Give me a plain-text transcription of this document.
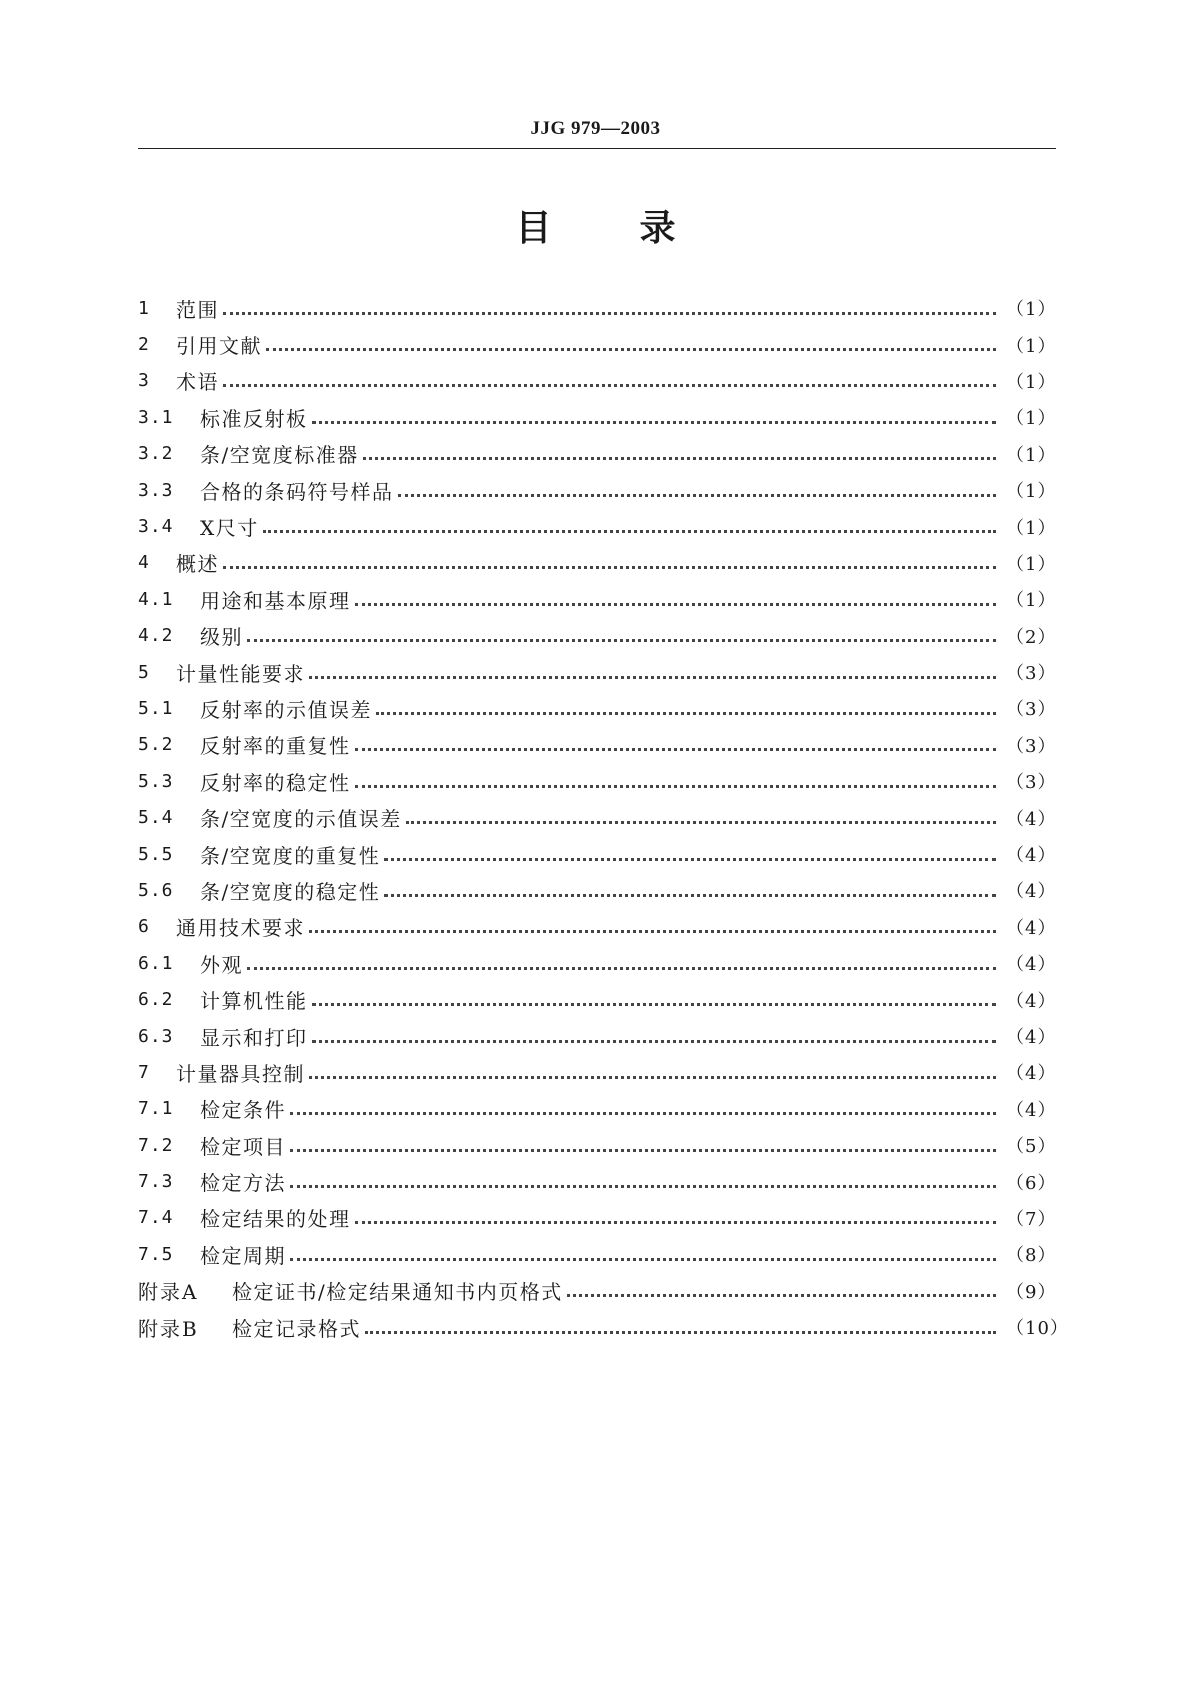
JJG 979—2003
目 录
1	范围	（1）
2	引用文献	（1）
3	术语	（1）
3.1	标准反射板	（1）
3.2	条/空宽度标准器	（1）
3.3	合格的条码符号样品	（1）
3.4	X尺寸	（1）
4	概述	（1）
4.1	用途和基本原理	（1）
4.2	级别	（2）
5	计量性能要求	（3）
5.1	反射率的示值误差	（3）
5.2	反射率的重复性	（3）
5.3	反射率的稳定性	（3）
5.4	条/空宽度的示值误差	（4）
5.5	条/空宽度的重复性	（4）
5.6	条/空宽度的稳定性	（4）
6	通用技术要求	（4）
6.1	外观	（4）
6.2	计算机性能	（4）
6.3	显示和打印	（4）
7	计量器具控制	（4）
7.1	检定条件	（4）
7.2	检定项目	（5）
7.3	检定方法	（6）
7.4	检定结果的处理	（7）
7.5	检定周期	（8）
附录A	检定证书/检定结果通知书内页格式	（9）
附录B	检定记录格式	（10）
